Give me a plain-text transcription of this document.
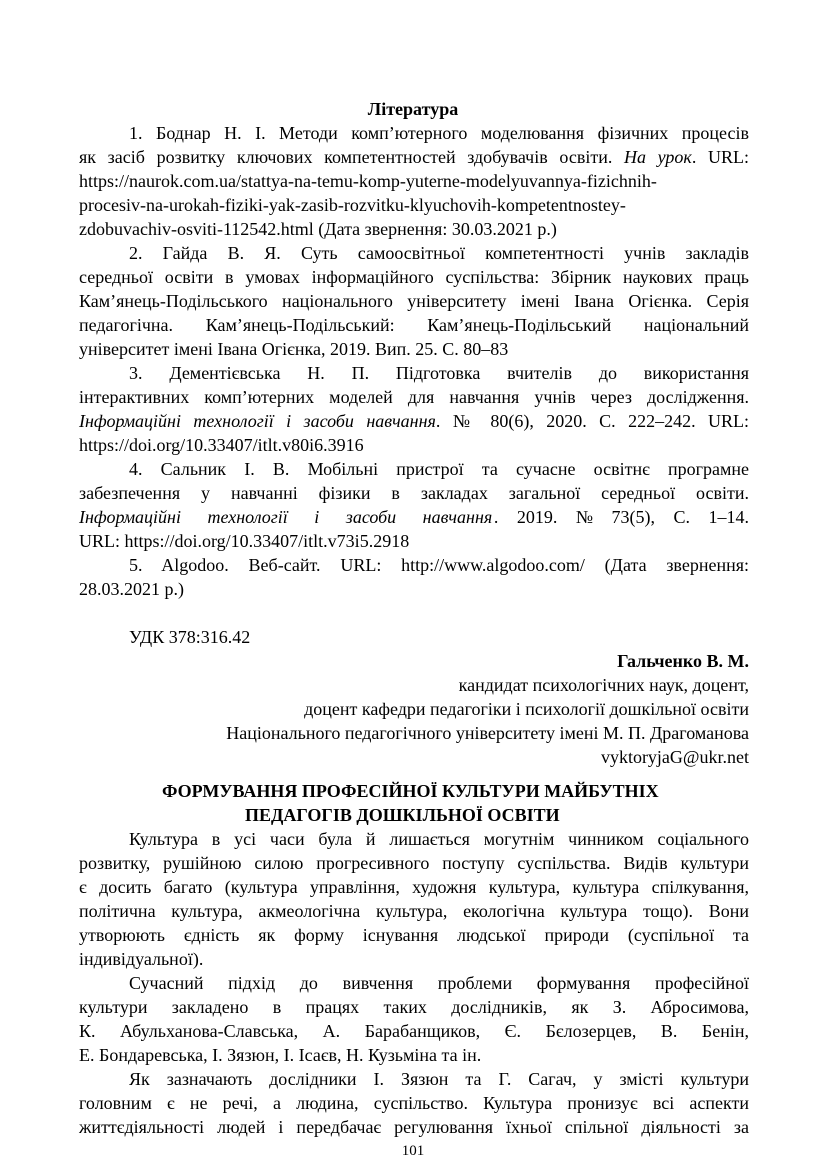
Література
1. Боднар Н. І. Методи комп’ютерного моделювання фізичних процесів
як засіб розвитку ключових компетентностей здобувачів освіти. На урок. URL:
https://naurok.com.ua/stattya-na-temu-komp-yuterne-modelyuvannya-fizichnih-
procesiv-na-urokah-fiziki-yak-zasib-rozvitku-klyuchovih-kompetentnostey-
zdobuvachiv-osviti-112542.html (Дата звернення: 30.03.2021 р.)
2. Гайда В. Я. Суть самоосвітньої компетентності учнів закладів
середньої освіти в умовах інформаційного суспільства: Збірник наукових праць
Кам’янець-Подільського національного університету імені Івана Огієнка. Серія
педагогічна. Кам’янець-Подільський: Кам’янець-Подільський національний
університет імені Івана Огієнка, 2019. Вип. 25. С. 80–83
3. Дементієвська Н. П. Підготовка вчителів до використання
інтерактивних комп’ютерних моделей для навчання учнів через дослідження.
Інформаційні технології і засоби навчання. № 80(6), 2020. С. 222–242. URL:
https://doi.org/10.33407/itlt.v80i6.3916
4. Сальник І. В. Мобільні пристрої та сучасне освітнє програмне
забезпечення у навчанні фізики в закладах загальної середньої освіти.
Інформаційні технології і засоби навчання . 2019. № 73(5), С. 1–14.
URL: https://doi.org/10.33407/itlt.v73i5.2918
5. Algodoo. Веб-сайт. URL: http://www.algodoo.com/ (Дата звернення:
28.03.2021 р.)
УДК 378:316.42
Гальченко В. М.
кандидат психологічних наук, доцент,
доцент кафедри педагогіки і психології дошкільної освіти
Національного педагогічного університету імені М. П. Драгоманова
vyktoryjaG@ukr.net
ФОРМУВАННЯ ПРОФЕСІЙНОЇ КУЛЬТУРИ МАЙБУТНІХ
ПЕДАГОГІВ ДОШКІЛЬНОЇ ОСВІТИ
Культура в усі часи була й лишається могутнім чинником соціального
розвитку, рушійною силою прогресивного поступу суспільства. Видів культури
є досить багато (культура управління, художня культура, культура спілкування,
політична культура, акмеологічна культура, екологічна культура тощо). Вони
утворюють єдність як форму існування людської природи (суспільної та
індивідуальної).
Сучасний підхід до вивчення проблеми формування професійної
культури закладено в працях таких дослідників, як З. Абросимова,
К. Абульханова-Славська, А. Барабанщиков, Є. Бєлозерцев, В. Бенін,
Е. Бондаревська, І. Зязюн, І. Ісаєв, Н. Кузьміна та ін.
Як зазначають дослідники І. Зязюн та Г. Сагач, у змісті культури
головним є не речі, а людина, суспільство. Культура пронизує всі аспекти
життєдіяльності людей і передбачає регулювання їхньої спільної діяльності за
101
